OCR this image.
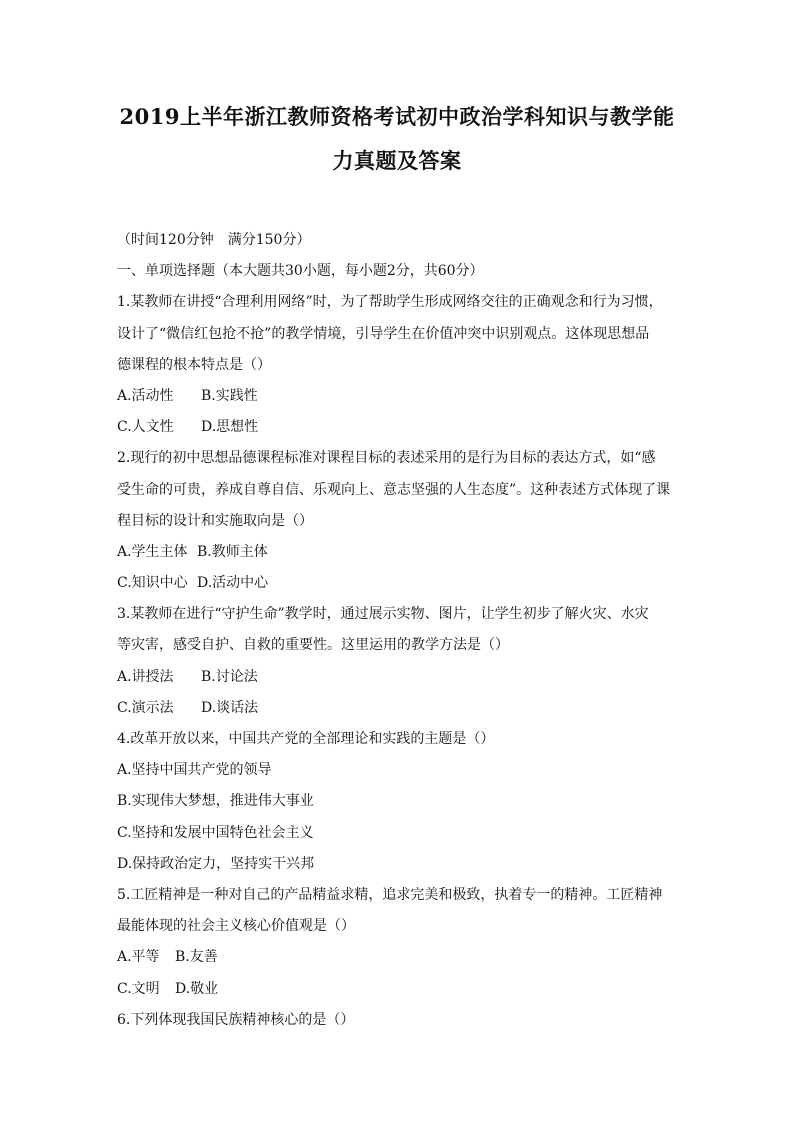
2019上半年浙江教师资格考试初中政治学科知识与教学能
力真题及答案
（时间120分钟　满分150分）
一、单项选择题（本大题共30小题，每小题2分，共60分）
1.某教师在讲授“合理利用网络”时，为了帮助学生形成网络交往的正确观念和行为习惯，
设计了“微信红包抢不抢”的教学情境，引导学生在价值冲突中识别观点。这体现思想品
德课程的根本特点是（）
A.活动性 B.实践性
C.人文性 D.思想性
2.现行的初中思想品德课程标准对课程目标的表述采用的是行为目标的表达方式，如“感
受生命的可贵，养成自尊自信、乐观向上、意志坚强的人生态度”。这种表述方式体现了课
程目标的设计和实施取向是（）
A.学生主体 B.教师主体
C.知识中心 D.活动中心
3.某教师在进行“守护生命”教学时，通过展示实物、图片，让学生初步了解火灾、水灾
等灾害，感受自护、自救的重要性。这里运用的教学方法是（）
A.讲授法 B.讨论法
C.演示法 D.谈话法
4.改革开放以来，中国共产党的全部理论和实践的主题是（）
A.坚持中国共产党的领导
B.实现伟大梦想，推进伟大事业
C.坚持和发展中国特色社会主义
D.保持政治定力，坚持实干兴邦
5.工匠精神是一种对自己的产品精益求精，追求完美和极致，执着专一的精神。工匠精神
最能体现的社会主义核心价值观是（）
A.平等 B.友善
C.文明 D.敬业
6.下列体现我国民族精神核心的是（）
